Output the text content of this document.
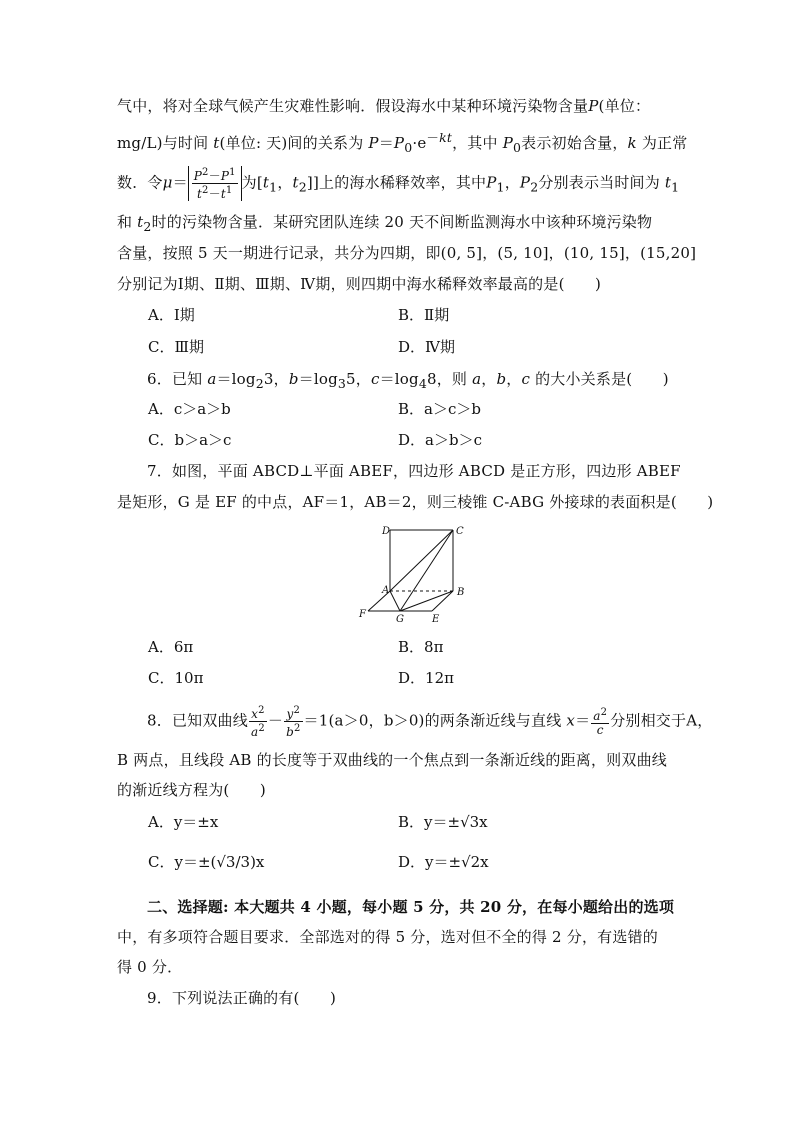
气中，将对全球气候产生灾难性影响．假设海水中某种环境污染物含量P(单位：
mg/L)与时间 t(单位: 天)间的关系为 $P=P_0\cdot e^{-kt}$，其中 $P_0$表示初始含量，k 为正常
数．令$\mu= \frac{P^2-P^1}{t^2-t^1}$ 为[$t_1$，$t_2$]]上的海水稀释效率，其中$P_1$，$P_2$分别表示当时间为 $t_1$
和 $t_2$时的污染物含量．某研究团队连续 20 天不间断监测海水中该种环境污染物
含量，按照 5 天一期进行记录，共分为四期，即(0, 5]，(5, 10]，(10, 15]，(15,20]
分别记为Ⅰ期、Ⅱ期、Ⅲ期、Ⅳ期，则四期中海水稀释效率最高的是(　　)
A．Ⅰ期	B．Ⅱ期
C．Ⅲ期	D．Ⅳ期
6．已知 $a=\log_23$，$b=\log_35$，$c=\log_48$，则 a，b，c 的大小关系是(　　)
A．c＞a＞b	B．a＞c＞b
C．b＞a＞c	D．a＞b＞c
7．如图，平面 ABCD⊥平面 ABEF，四边形 ABCD 是正方形，四边形 ABEF
是矩形，G 是 EF 的中点，AF＝1，AB＝2，则三棱锥 C-ABG 外接球的表面积是(　　)
D	C
A	B
F	G	E
A．6π	B．8π
C．10π	D．12π
8．已知双曲线 $\frac{x^2}{a^2} - \frac{y^2}{b^2} =1(a>0$，b＞0)的两条渐近线与直线 $x= \frac{a^2}{c}$ 分别相交于A，
B 两点，且线段 AB 的长度等于双曲线的一个焦点到一条渐近线的距离，则双曲线
的渐近线方程为(　　)
A．y＝±x	B．y＝±√3x
C．y＝±(√3/3)x	D．y＝±√2x
二、选择题: 本大题共 4 小题，每小题 5 分，共 20 分，在每小题给出的选项
中，有多项符合题目要求．全部选对的得 5 分，选对但不全的得 2 分，有选错的
得 0 分．
9．下列说法正确的有(　　)
